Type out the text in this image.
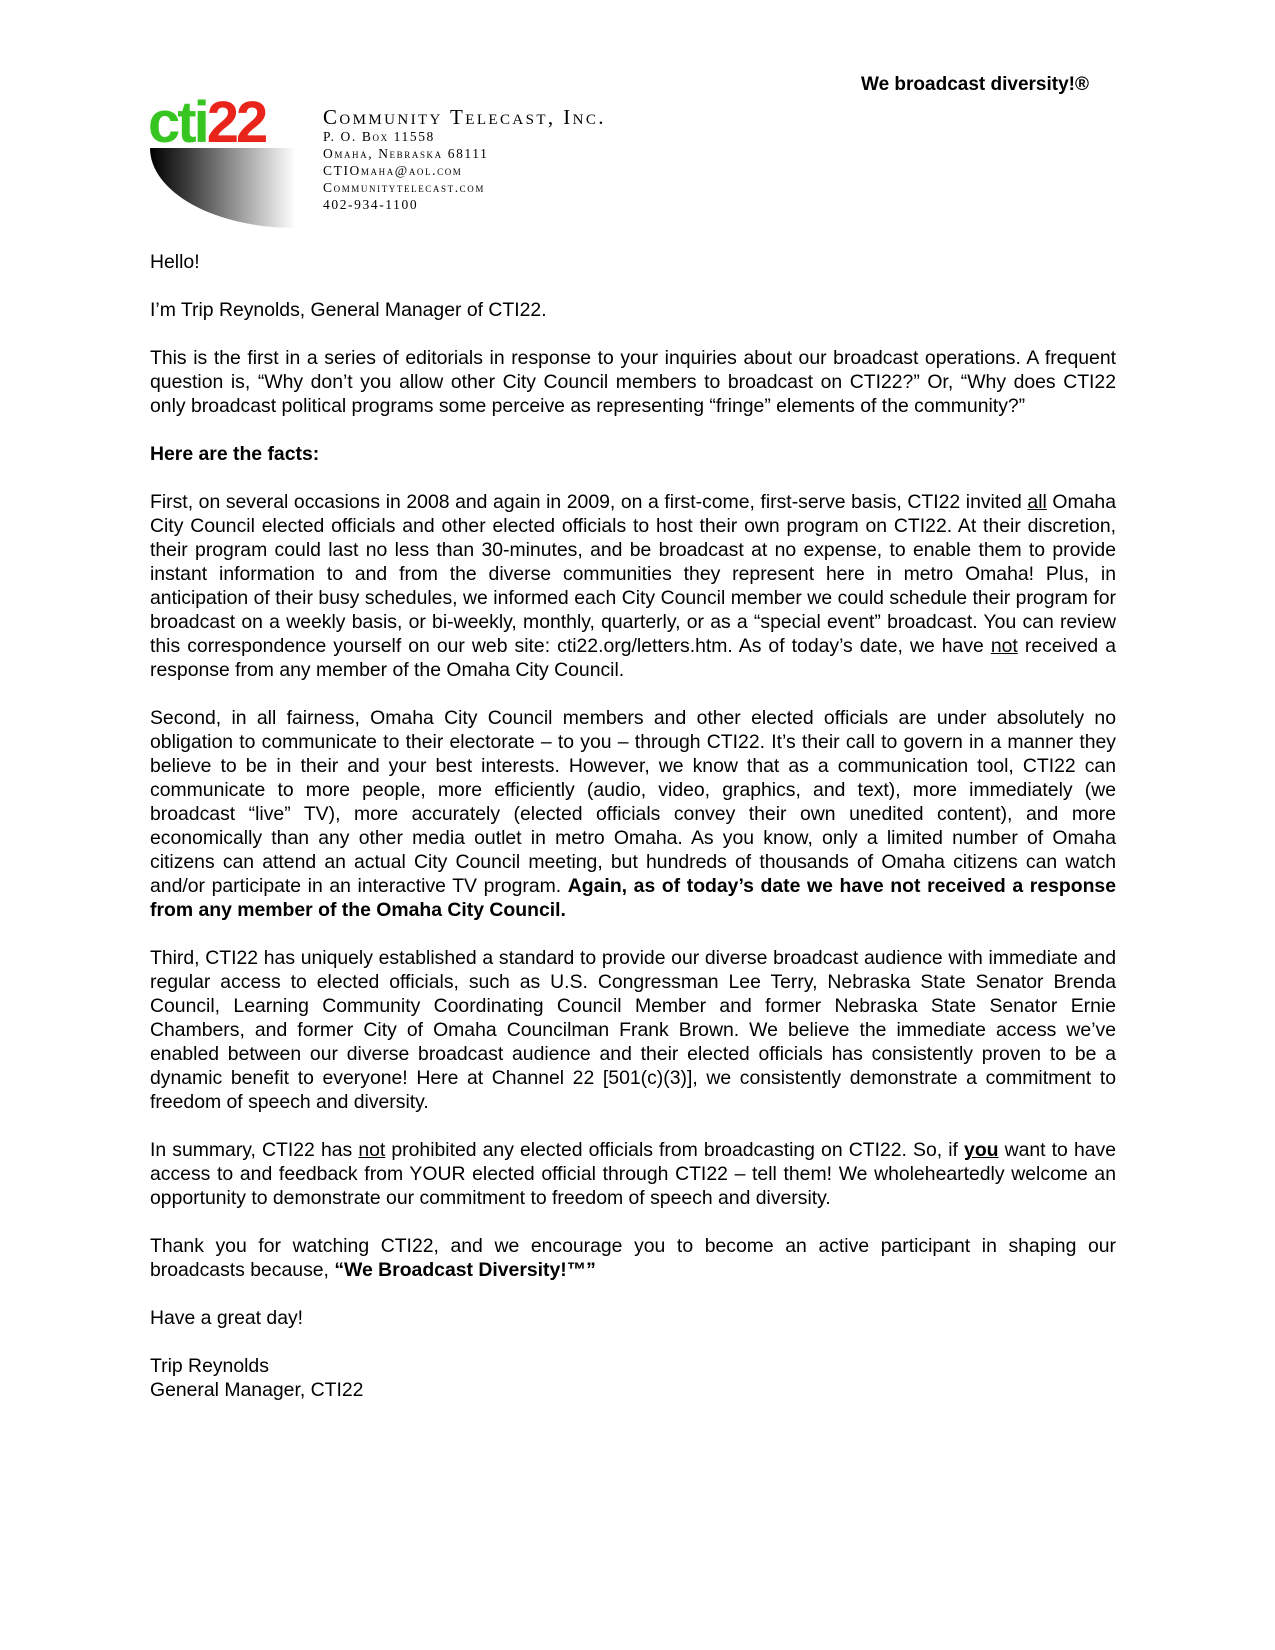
We broadcast diversity!®
cti22	Community Telecast, Inc.
P. O. Box 11558
Omaha, Nebraska 68111
CTIOmaha@aol.com
Communitytelecast.com
402-934-1100

Hello!

I’m Trip Reynolds, General Manager of CTI22.

This is the first in a series of editorials in response to your inquiries about our broadcast operations. A frequent question is, “Why don’t you allow other City Council members to broadcast on CTI22?” Or, “Why does CTI22 only broadcast political programs some perceive as representing “fringe” elements of the community?”

Here are the facts:

First, on several occasions in 2008 and again in 2009, on a first-come, first-serve basis, CTI22 invited all Omaha City Council elected officials and other elected officials to host their own program on CTI22. At their discretion, their program could last no less than 30-minutes, and be broadcast at no expense, to enable them to provide instant information to and from the diverse communities they represent here in metro Omaha! Plus, in anticipation of their busy schedules, we informed each City Council member we could schedule their program for broadcast on a weekly basis, or bi-weekly, monthly, quarterly, or as a “special event” broadcast. You can review this correspondence yourself on our web site: cti22.org/letters.htm. As of today’s date, we have not received a response from any member of the Omaha City Council.

Second, in all fairness, Omaha City Council members and other elected officials are under absolutely no obligation to communicate to their electorate – to you – through CTI22. It’s their call to govern in a manner they believe to be in their and your best interests. However, we know that as a communication tool, CTI22 can communicate to more people, more efficiently (audio, video, graphics, and text), more immediately (we broadcast “live” TV), more accurately (elected officials convey their own unedited content), and more economically than any other media outlet in metro Omaha. As you know, only a limited number of Omaha citizens can attend an actual City Council meeting, but hundreds of thousands of Omaha citizens can watch and/or participate in an interactive TV program. Again, as of today’s date we have not received a response from any member of the Omaha City Council.

Third, CTI22 has uniquely established a standard to provide our diverse broadcast audience with immediate and regular access to elected officials, such as U.S. Congressman Lee Terry, Nebraska State Senator Brenda Council, Learning Community Coordinating Council Member and former Nebraska State Senator Ernie Chambers, and former City of Omaha Councilman Frank Brown. We believe the immediate access we’ve enabled between our diverse broadcast audience and their elected officials has consistently proven to be a dynamic benefit to everyone! Here at Channel 22 [501(c)(3)], we consistently demonstrate a commitment to freedom of speech and diversity.

In summary, CTI22 has not prohibited any elected officials from broadcasting on CTI22. So, if you want to have access to and feedback from YOUR elected official through CTI22 – tell them! We wholeheartedly welcome an opportunity to demonstrate our commitment to freedom of speech and diversity.

Thank you for watching CTI22, and we encourage you to become an active participant in shaping our broadcasts because, “We Broadcast Diversity!™”

Have a great day!

Trip Reynolds

General Manager, CTI22
